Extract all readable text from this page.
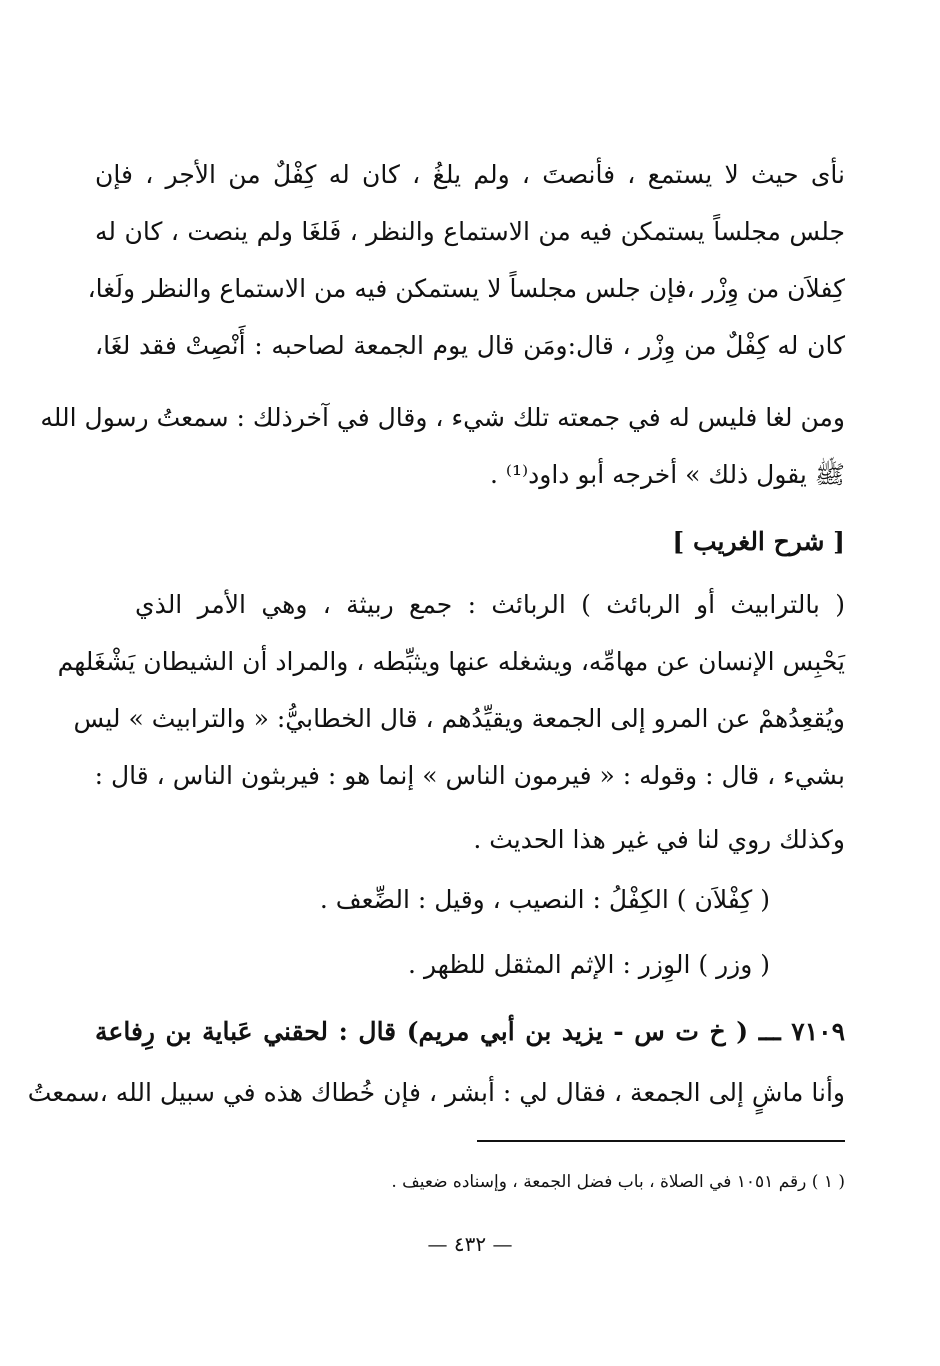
نأى حيث لا يستمع ، فأنصتَ ، ولم يلغُ ، كان له كِفْلٌ من الأجر ، فإن
جلس مجلساً يستمكن فيه من الاستماع والنظر ، فَلغَا ولم ينصت ، كان له
كِفلاَن من وِزْر ،فإن جلس مجلساً لا يستمكن فيه من الاستماع والنظر ولَغا،
كان له كِفْلٌ من وِزْر ، قال:ومَن قال يوم الجمعة لصاحبه : أَنْصِتْ فقد لغَا،
ومن لغا فليس له في جمعته تلك شيء ، وقال في آخرذلك : سمعتُ رسول الله
ﷺ يقول ذلك » أخرجه أبو داود⁽¹⁾ .
[ شرح الغريب ]
( بالترابيث أو الربائث ) الربائث : جمع ربيثة ، وهي الأمر الذي
يَحْبِس الإنسان عن مهامِّه، ويشغله عنها ويثبِّطه ، والمراد أن الشيطان يَشْغَلهم
ويُقعِدُهمْ عن المرو إلى الجمعة ويقيِّدُهم ، قال الخطابيُّ: « والترابيث » ليس
بشيء ، قال : وقوله : « فيرمون الناس » إنما هو : فيربثون الناس ، قال :
وكذلك روي لنا في غير هذا الحديث .
( كِفْلاَن ) الكِفْلُ : النصيب ، وقيل : الضِّعف .
( وزر ) الوِزر : الإثم المثقل للظهر .
٧١٠٩ ـــ ( خ ت س - يزيد بن أبي مريم) قال : لحقني عَباية بن رِفاعة
وأنا ماشٍ إلى الجمعة ، فقال لي : أبشر ، فإن خُطاك هذه في سبيل الله ،سمعتُ
( ١ ) رقم ١٠٥١ في الصلاة ، باب فضل الجمعة ، وإسناده ضعيف .
— ٤٣٢ —
